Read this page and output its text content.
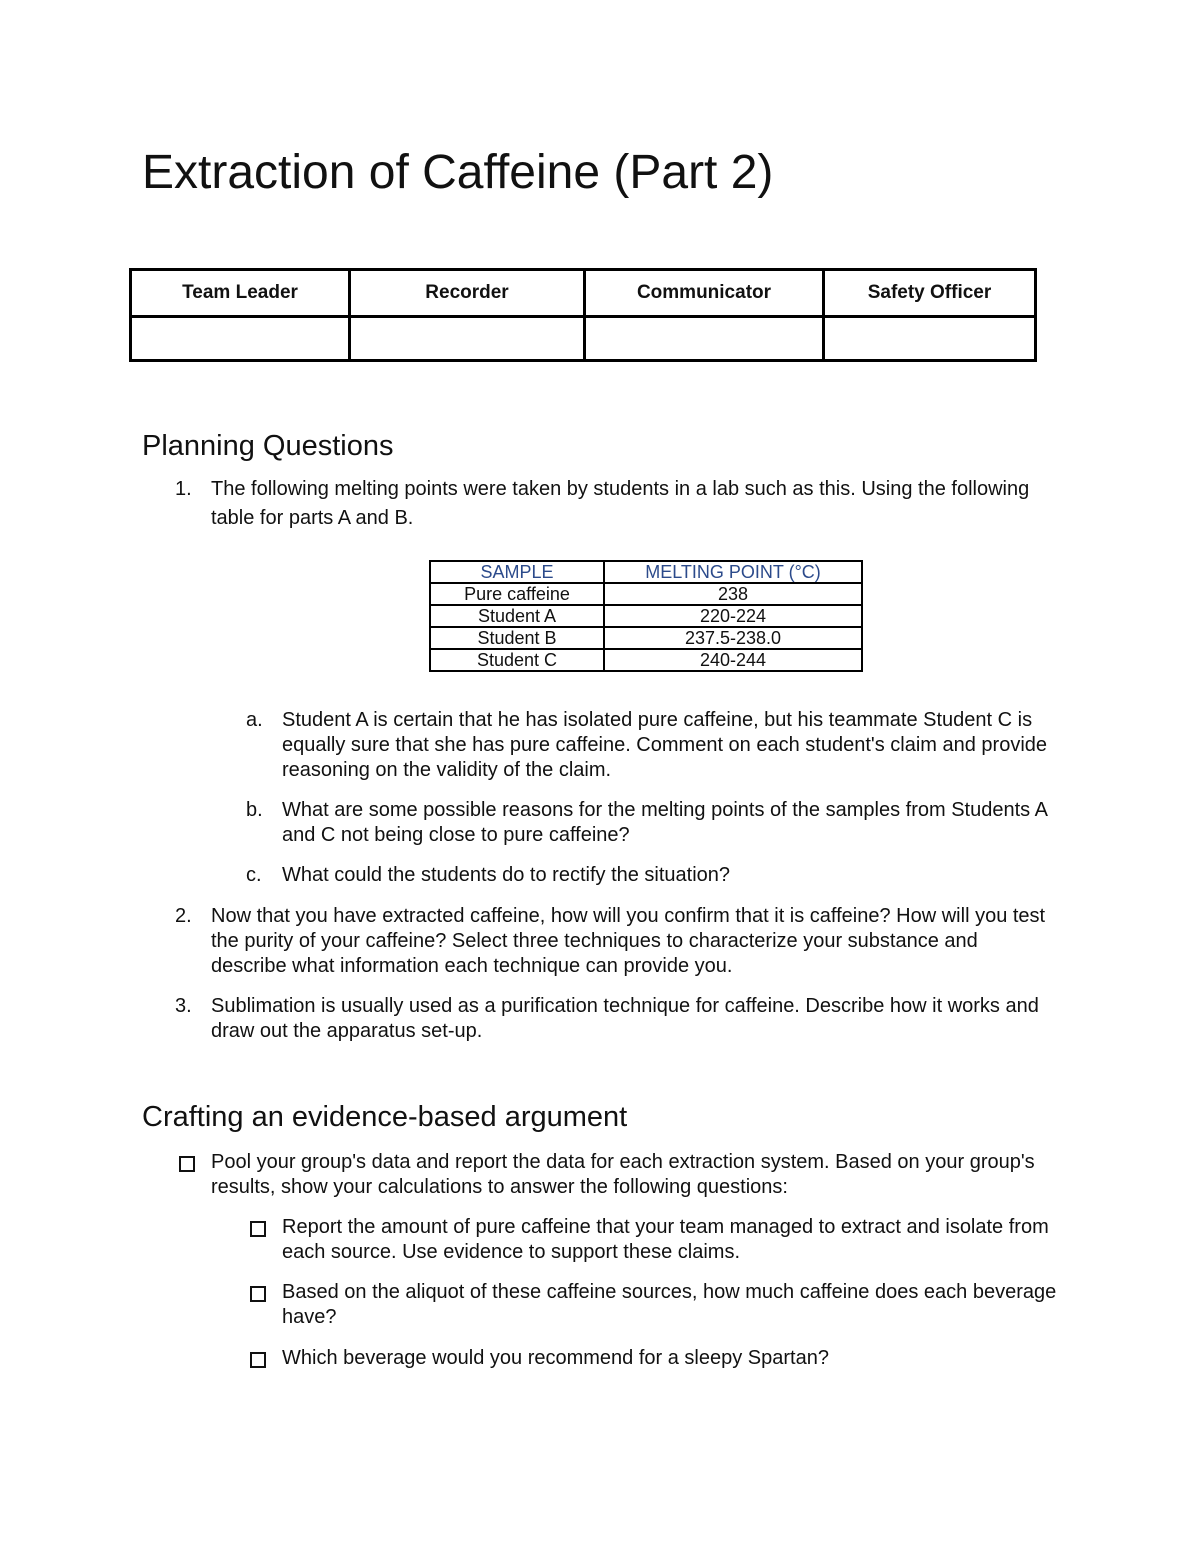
Extraction of Caffeine (Part 2)
Team Leader	Recorder	Communicator	Safety Officer

Planning Questions
1. The following melting points were taken by students in a lab such as this. Using the following table for parts A and B.
SAMPLE	MELTING POINT (°C)
Pure caffeine	238
Student A	220-224
Student B	237.5-238.0
Student C	240-244
a. Student A is certain that he has isolated pure caffeine, but his teammate Student C is equally sure that she has pure caffeine. Comment on each student's claim and provide reasoning on the validity of the claim.
b. What are some possible reasons for the melting points of the samples from Students A and C not being close to pure caffeine?
c. What could the students do to rectify the situation?
2. Now that you have extracted caffeine, how will you confirm that it is caffeine? How will you test the purity of your caffeine? Select three techniques to characterize your substance and describe what information each technique can provide you.
3. Sublimation is usually used as a purification technique for caffeine. Describe how it works and draw out the apparatus set-up.
Crafting an evidence-based argument
Pool your group's data and report the data for each extraction system. Based on your group's results, show your calculations to answer the following questions:
Report the amount of pure caffeine that your team managed to extract and isolate from each source. Use evidence to support these claims.
Based on the aliquot of these caffeine sources, how much caffeine does each beverage have?
Which beverage would you recommend for a sleepy Spartan?
